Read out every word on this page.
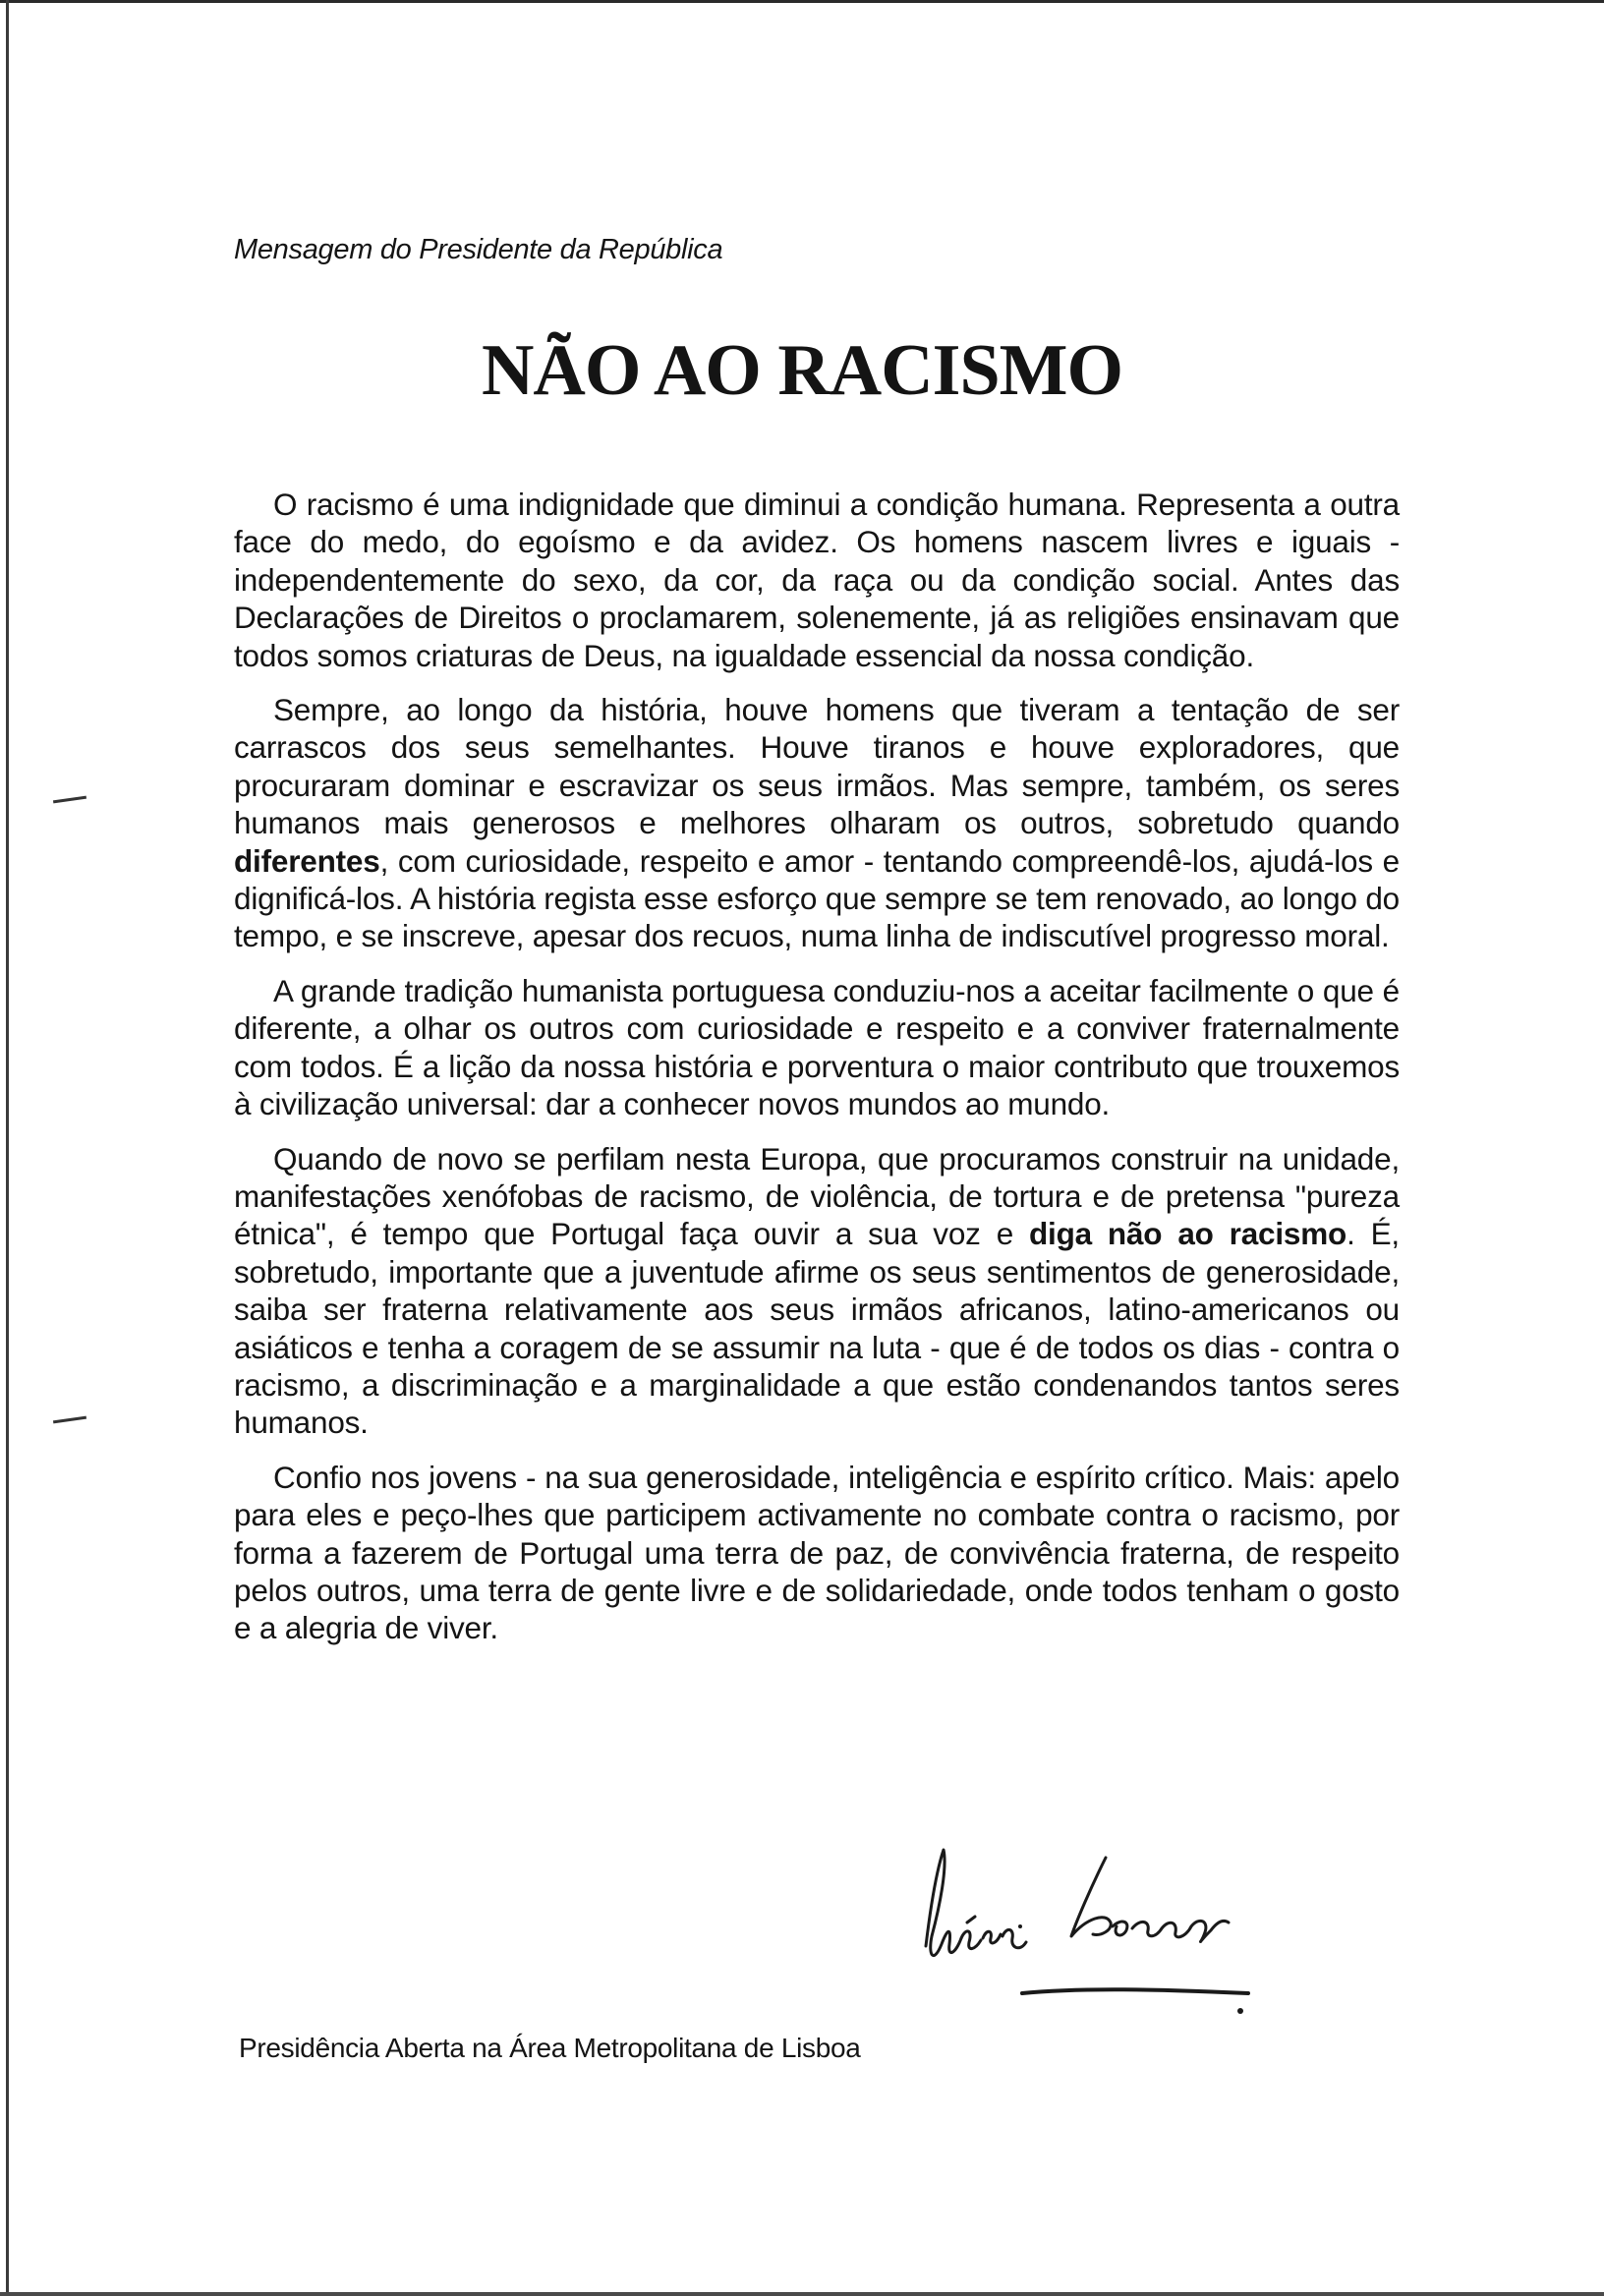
Mensagem do Presidente da República
NÃO AO RACISMO

O racismo é uma indignidade que diminui a condição humana. Representa a outra face do medo, do egoísmo e da avidez. Os homens nascem livres e iguais - independentemente do sexo, da cor, da raça ou da condição social. Antes das Declarações de Direitos o proclamarem, solenemente, já as religiões ensinavam que todos somos criaturas de Deus, na igualdade essencial da nossa condição.

Sempre, ao longo da história, houve homens que tiveram a tentação de ser carrascos dos seus semelhantes. Houve tiranos e houve exploradores, que procuraram dominar e escravizar os seus irmãos. Mas sempre, também, os seres humanos mais generosos e melhores olharam os outros, sobretudo quando diferentes, com curiosidade, respeito e amor - tentando compreendê-los, ajudá-los e dignificá-los. A história regista esse esforço que sempre se tem renovado, ao longo do tempo, e se inscreve, apesar dos recuos, numa linha de indiscutível progresso moral.

A grande tradição humanista portuguesa conduziu-nos a aceitar facilmente o que é diferente, a olhar os outros com curiosidade e respeito e a conviver fraternalmente com todos. É a lição da nossa história e porventura o maior contributo que trouxemos à civilização universal: dar a conhecer novos mundos ao mundo.

Quando de novo se perfilam nesta Europa, que procuramos construir na unidade, manifestações xenófobas de racismo, de violência, de tortura e de pretensa "pureza étnica", é tempo que Portugal faça ouvir a sua voz e diga não ao racismo. É, sobretudo, importante que a juventude afirme os seus sentimentos de generosidade, saiba ser fraterna relativamente aos seus irmãos africanos, latino-americanos ou asiáticos e tenha a coragem de se assumir na luta - que é de todos os dias - contra o racismo, a discriminação e a marginalidade a que estão condenandos tantos seres humanos.

Confio nos jovens - na sua generosidade, inteligência e espírito crítico. Mais: apelo para eles e peço-lhes que participem activamente no combate contra o racismo, por forma a fazerem de Portugal uma terra de paz, de convivência fraterna, de respeito pelos outros, uma terra de gente livre e de solidariedade, onde todos tenham o gosto e a alegria de viver.

Presidência Aberta na Área Metropolitana de Lisboa
